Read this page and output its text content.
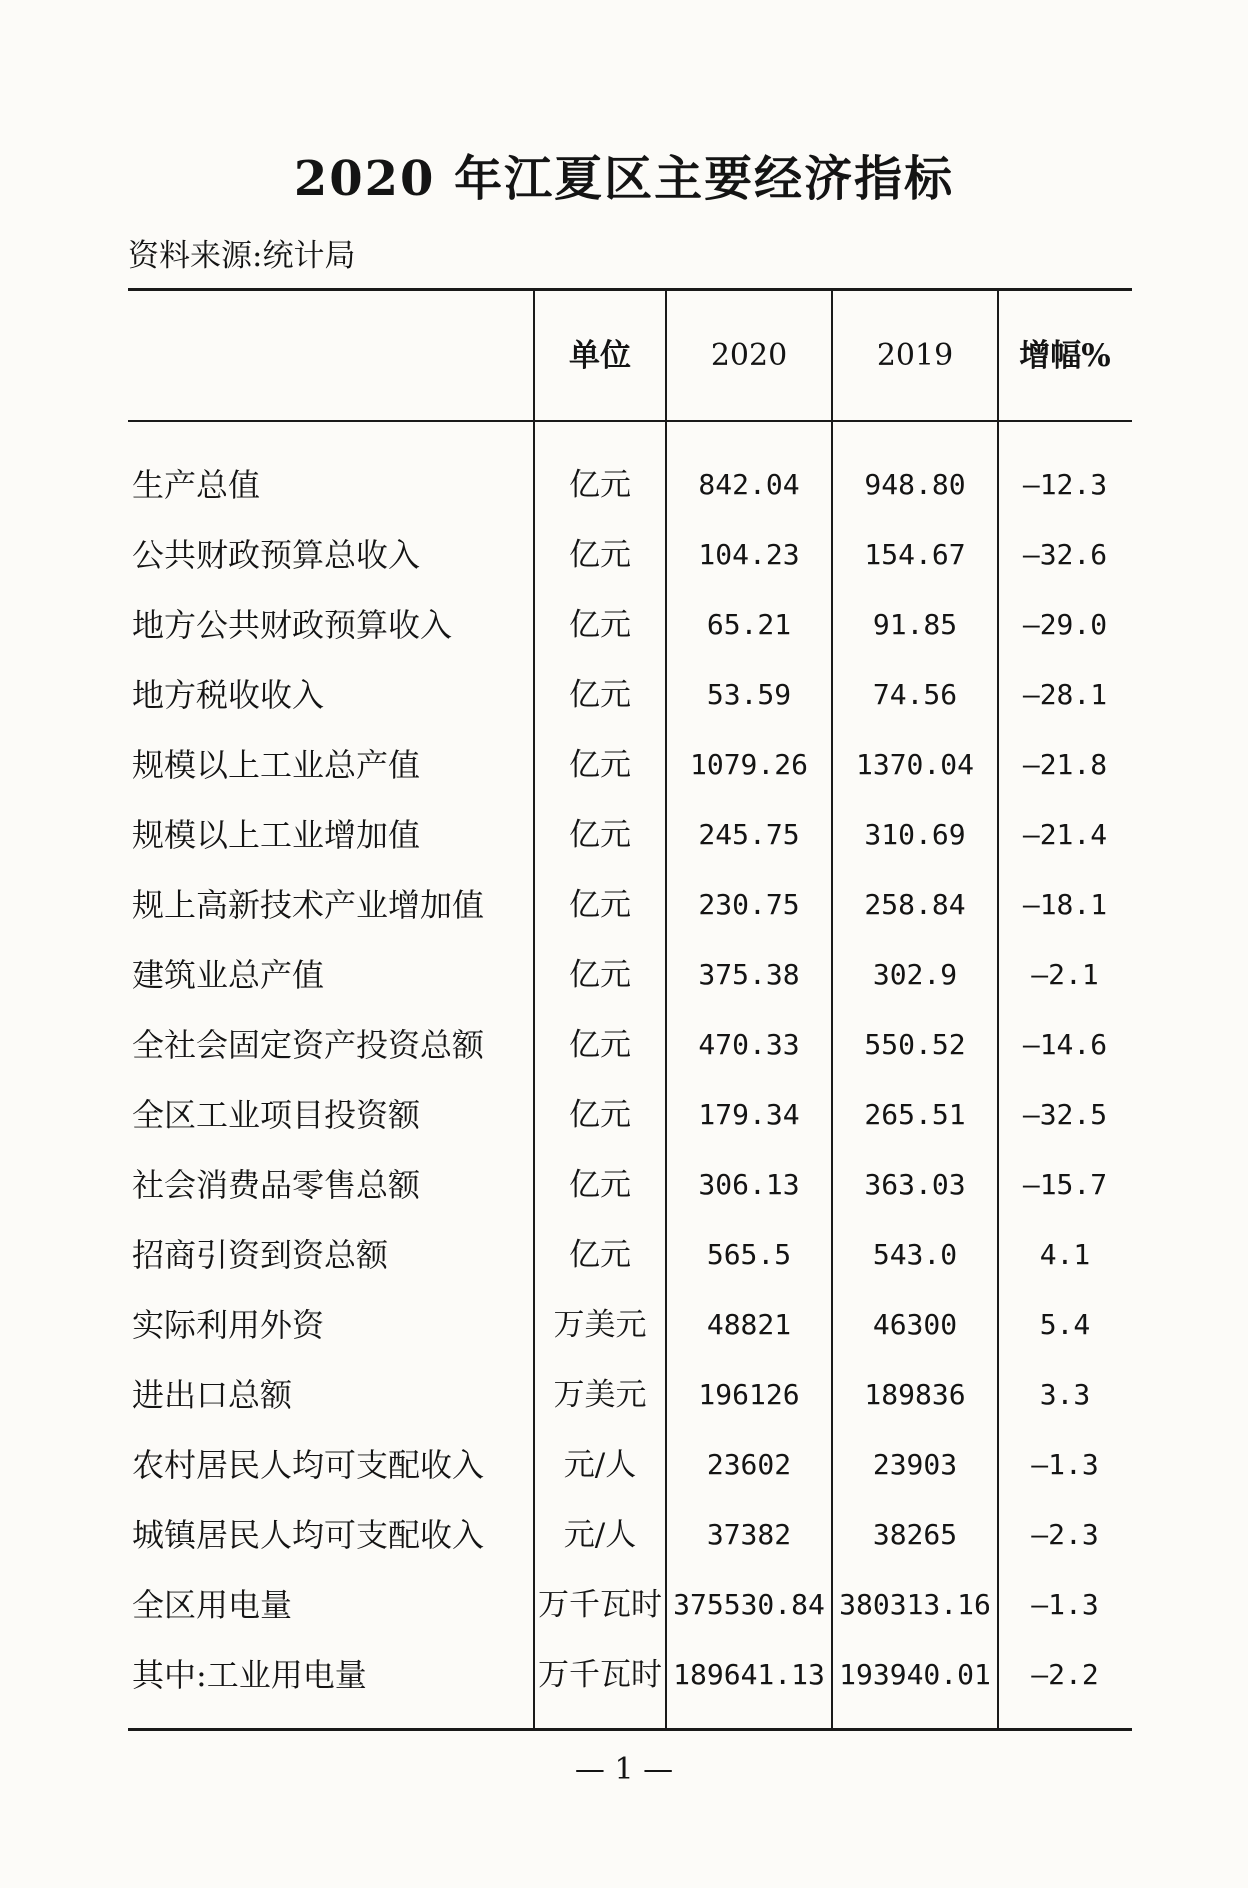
2020 年江夏区主要经济指标
资料来源:统计局
单位	2020	2019	增幅%
生产总值	亿元	842.04	948.80	—12.3
公共财政预算总收入	亿元	104.23	154.67	—32.6
地方公共财政预算收入	亿元	65.21	91.85	—29.0
地方税收收入	亿元	53.59	74.56	—28.1
规模以上工业总产值	亿元	1079.26	1370.04	—21.8
规模以上工业增加值	亿元	245.75	310.69	—21.4
规上高新技术产业增加值	亿元	230.75	258.84	—18.1
建筑业总产值	亿元	375.38	302.9	—2.1
全社会固定资产投资总额	亿元	470.33	550.52	—14.6
全区工业项目投资额	亿元	179.34	265.51	—32.5
社会消费品零售总额	亿元	306.13	363.03	—15.7
招商引资到资总额	亿元	565.5	543.0	4.1
实际利用外资	万美元	48821	46300	5.4
进出口总额	万美元	196126	189836	3.3
农村居民人均可支配收入	元/人	23602	23903	—1.3
城镇居民人均可支配收入	元/人	37382	38265	—2.3
全区用电量	万千瓦时 375530.84 380313.16	—1.3
其中:工业用电量	万千瓦时 189641.13 193940.01	—2.2
— 1 —
